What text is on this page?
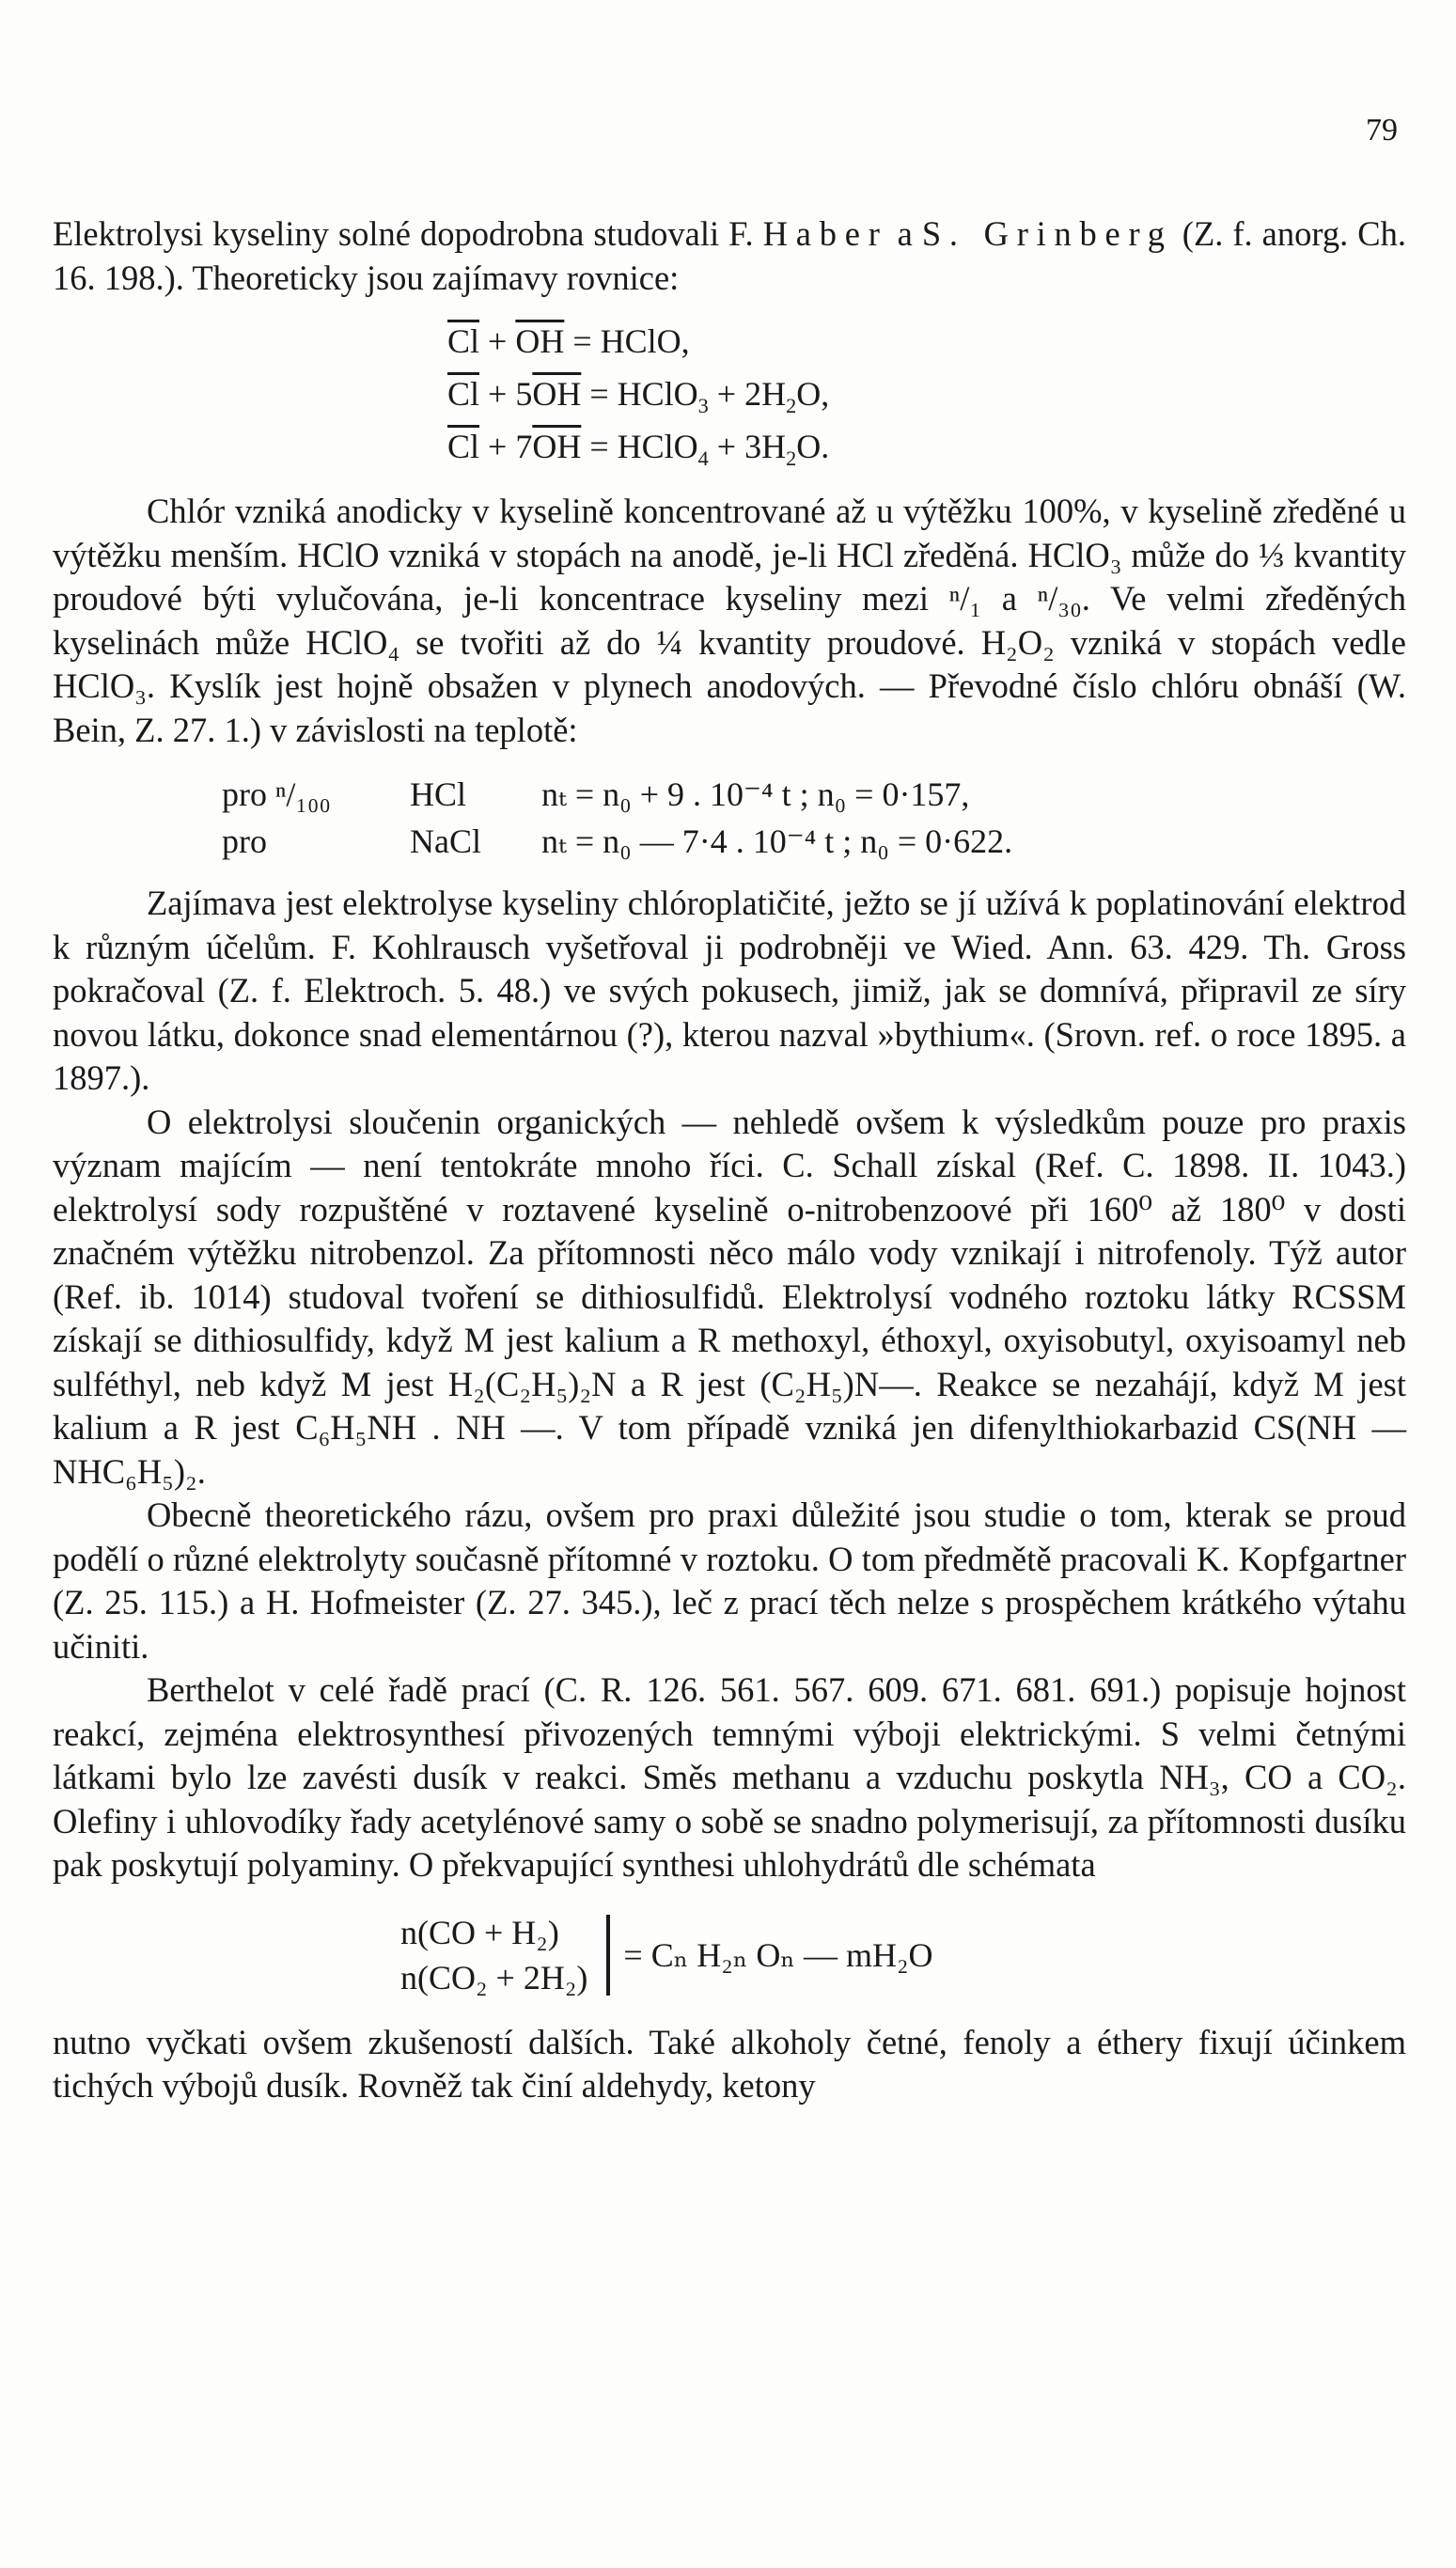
79

Elektrolysi kyseliny solné dopodrobna studovali F. Haber a S. Grinberg (Z. f. anorg. Ch. 16. 198.). Theoreticky jsou zajímavy rovnice:

$\overline{Cl} + \overline{OH}$ = HClO,
$\overline{Cl} + 5\overline{OH}$ = HClO$_3$ + $2H_2O$,
$\overline{Cl} + 7\overline{OH}$ = HClO$_4$ + $3H_2O$.

Chlór vzniká anodicky v kyselině koncentrované až u výtěžku 100%, v kyselině zředěné u výtěžku menším. HClO vzniká v stopách na anodě, je-li HCl zředěná. HClO₃ může do ⅓ kvantity proudové býti vylučována, je-li koncentrace kyseliny mezi ⁿ/₁ a ⁿ/₃₀. Ve velmi zředěných kyselinách může HClO₄ se tvořiti až do ¼ kvantity proudové. H₂O₂ vzniká v stopách vedle HClO₃. Kyslík jest hojně obsažen v plynech anodových. — Převodné číslo chlóru obnáší (W. Bein, Z. 27. 1.) v závislosti na teplotě:

pro ⁿ/₁₀₀	HCl	nₜ = n₀ + 9 . 10⁻⁴ t ; n₀ = 0·157,
pro	NaCl	nₜ = n₀ — 7·4 . 10⁻⁴ t ; n₀ = 0·622.

Zajímava jest elektrolyse kyseliny chlóroplatičité, ježto se jí užívá k poplatinování elektrod k různým účelům. F. Kohlrausch vyšetřoval ji podrobněji ve Wied. Ann. 63. 429. Th. Gross pokračoval (Z. f. Elektroch. 5. 48.) ve svých pokusech, jimiž, jak se domnívá, připravil ze síry novou látku, dokonce snad elementárnou (?), kterou nazval »bythium«. (Srovn. ref. o roce 1895. a 1897.).

O elektrolysi sloučenin organických — nehledě ovšem k výsledkům pouze pro praxis význam majícím — není tentokráte mnoho říci. C. Schall získal (Ref. C. 1898. II. 1043.) elektrolysí sody rozpuštěné v roztavené kyselině o-nitrobenzoové při 160⁰ až 180⁰ v dosti značném výtěžku nitrobenzol. Za přítomnosti něco málo vody vznikají i nitrofenoly. Týž autor (Ref. ib. 1014) studoval tvoření se dithiosulfidů. Elektrolysí vodného roztoku látky RCSSM získají se dithiosulfidy, když M jest kalium a R methoxyl, éthoxyl, oxyisobutyl, oxyisoamyl neb sulféthyl, neb když M jest H₂(C₂H₅)₂N a R jest (C₂H₅)N—. Reakce se nezahájí, když M jest kalium a R jest C₆H₅NH . NH —. V tom případě vzniká jen difenylthiokarbazid CS(NH — NHC₆H₅)₂.

Obecně theoretického rázu, ovšem pro praxi důležité jsou studie o tom, kterak se proud podělí o různé elektrolyty současně přítomné v roztoku. O tom předmětě pracovali K. Kopfgartner (Z. 25. 115.) a H. Hofmeister (Z. 27. 345.), leč z prací těch nelze s prospěchem krátkého výtahu učiniti.

Berthelot v celé řadě prací (C. R. 126. 561. 567. 609. 671. 681. 691.) popisuje hojnost reakcí, zejména elektrosynthesí přivozených temnými výboji elektrickými. S velmi četnými látkami bylo lze zavésti dusík v reakci. Směs methanu a vzduchu poskytla NH₃, CO a CO₂. Olefiny i uhlovodíky řady acetylénové samy o sobě se snadno polymerisují, za přítomnosti dusíku pak poskytují polyaminy. O překvapující synthesi uhlohydrátů dle schémata

n(CO + H₂)
n(CO₂ + 2H₂)
= Cₙ H₂ₙ Oₙ — mH₂O

nutno vyčkati ovšem zkušeností dalších. Také alkoholy četné, fenoly a éthery fixují účinkem tichých výbojů dusík. Rovněž tak činí aldehydy, ketony
